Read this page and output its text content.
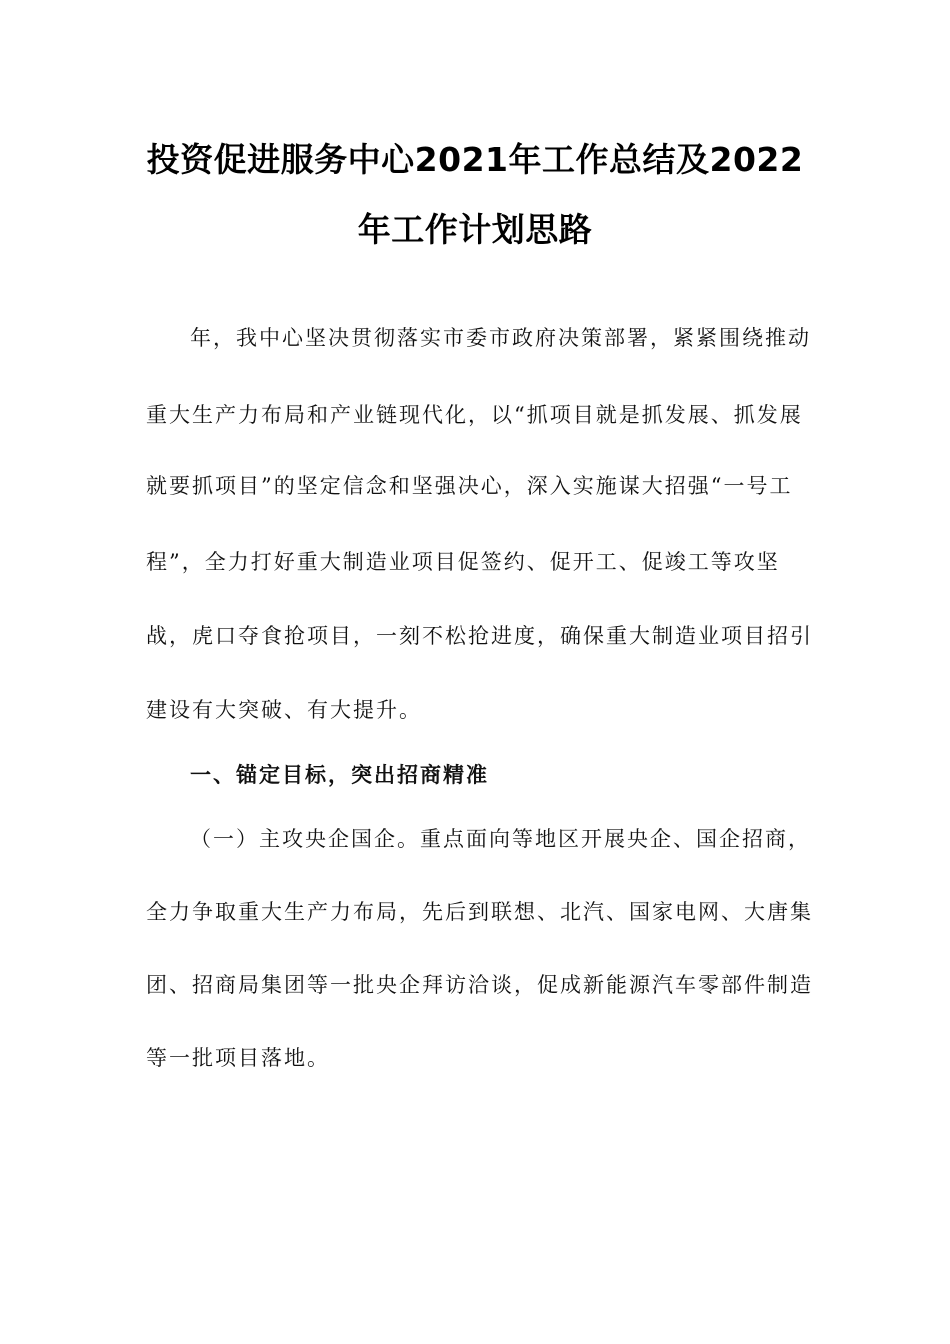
投资促进服务中心2021年工作总结及2022
年工作计划思路
年，我中心坚决贯彻落实市委市政府决策部署，紧紧围绕推动
重大生产力布局和产业链现代化，以“抓项目就是抓发展、抓发展
就要抓项目”的坚定信念和坚强决心，深入实施谋大招强“一号工
程”，全力打好重大制造业项目促签约、促开工、促竣工等攻坚
战，虎口夺食抢项目，一刻不松抢进度，确保重大制造业项目招引
建设有大突破、有大提升。
一、锚定目标，突出招商精准
（一）主攻央企国企。重点面向等地区开展央企、国企招商，
全力争取重大生产力布局，先后到联想、北汽、国家电网、大唐集
团、招商局集团等一批央企拜访洽谈，促成新能源汽车零部件制造
等一批项目落地。
